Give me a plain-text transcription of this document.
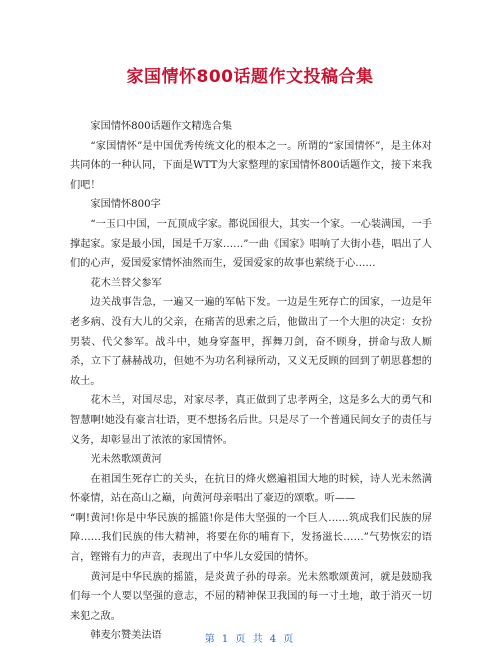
家国情怀800话题作文投稿合集

家国情怀800话题作文精选合集

“家国情怀”是中国优秀传统文化的根本之一。所谓的“家国情怀”，是主体对共同体的一种认同，下面是WTT为大家整理的家国情怀800话题作文，接下来我们吧！

家国情怀800字

“一玉口中国，一瓦顶成字家。都说国很大，其实一个家。一心装满国，一手撑起家。家是最小国，国是千万家……”一曲《国家》唱响了大街小巷，唱出了人们的心声，爱国爱家情怀油然而生，爱国爱家的故事也萦绕于心……

花木兰替父参军

边关战事告急，一遍又一遍的军帖下发。一边是生死存亡的国家，一边是年老多病、没有大儿的父亲，在痛苦的思索之后，他做出了一个大胆的决定：女扮男装、代父参军。战斗中，她身穿盔甲，挥舞刀剑，奋不顾身，拼命与敌人厮杀，立下了赫赫战功，但她不为功名利禄所动，又义无反顾的回到了朝思暮想的故土。

花木兰，对国尽忠，对家尽孝，真正做到了忠孝两全，这是多么大的勇气和智慧啊!她没有豪言壮语，更不想扬名后世。只是尽了一个普通民间女子的责任与义务，却彰显出了浓浓的家国情怀。

光未然歌颂黄河

在祖国生死存亡的关头，在抗日的烽火燃遍祖国大地的时候，诗人光未然满怀豪情，站在高山之巅，向黄河母亲唱出了豪迈的颂歌。听——

“啊!黄河!你是中华民族的摇篮!你是伟大坚强的一个巨人……筑成我们民族的屏障……我们民族的伟大精神，将要在你的哺育下，发扬滋长……”气势恢宏的语言，铿锵有力的声音，表现出了中华儿女爱国的情怀。

黄河是中华民族的摇篮，是炎黄子孙的母亲。光未然歌颂黄河，就是鼓励我们每一个人要以坚强的意志，不屈的精神保卫我国的每一寸土地，敢于消灭一切来犯之敌。

韩麦尔赞美法语	第 1 页 共 4 页
